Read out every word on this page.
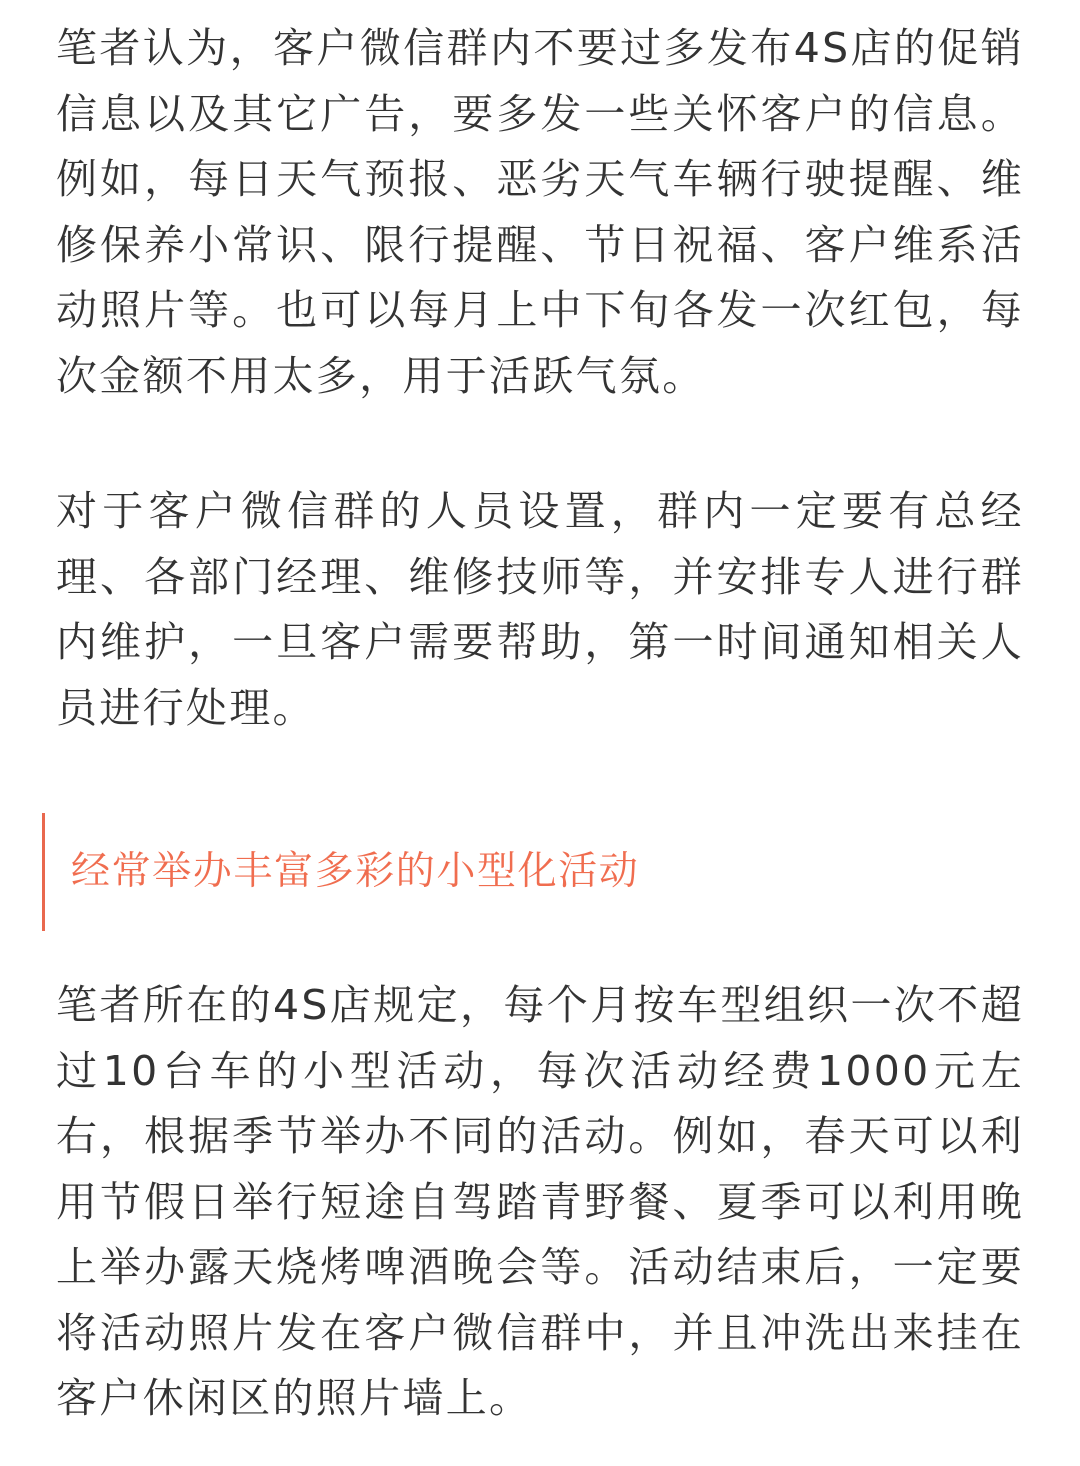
笔者认为，客户微信群内不要过多发布4S店的促销信息以及其它广告，要多发一些关怀客户的信息。例如，每日天气预报、恶劣天气车辆行驶提醒、维修保养小常识、限行提醒、节日祝福、客户维系活动照片等。也可以每月上中下旬各发一次红包，每次金额不用太多，用于活跃气氛。

对于客户微信群的人员设置，群内一定要有总经理、各部门经理、维修技师等，并安排专人进行群内维护，一旦客户需要帮助，第一时间通知相关人员进行处理。

经常举办丰富多彩的小型化活动

笔者所在的4S店规定，每个月按车型组织一次不超过10台车的小型活动，每次活动经费1000元左右，根据季节举办不同的活动。例如，春天可以利用节假日举行短途自驾踏青野餐、夏季可以利用晚上举办露天烧烤啤酒晚会等。活动结束后，一定要将活动照片发在客户微信群中，并且冲洗出来挂在客户休闲区的照片墙上。
